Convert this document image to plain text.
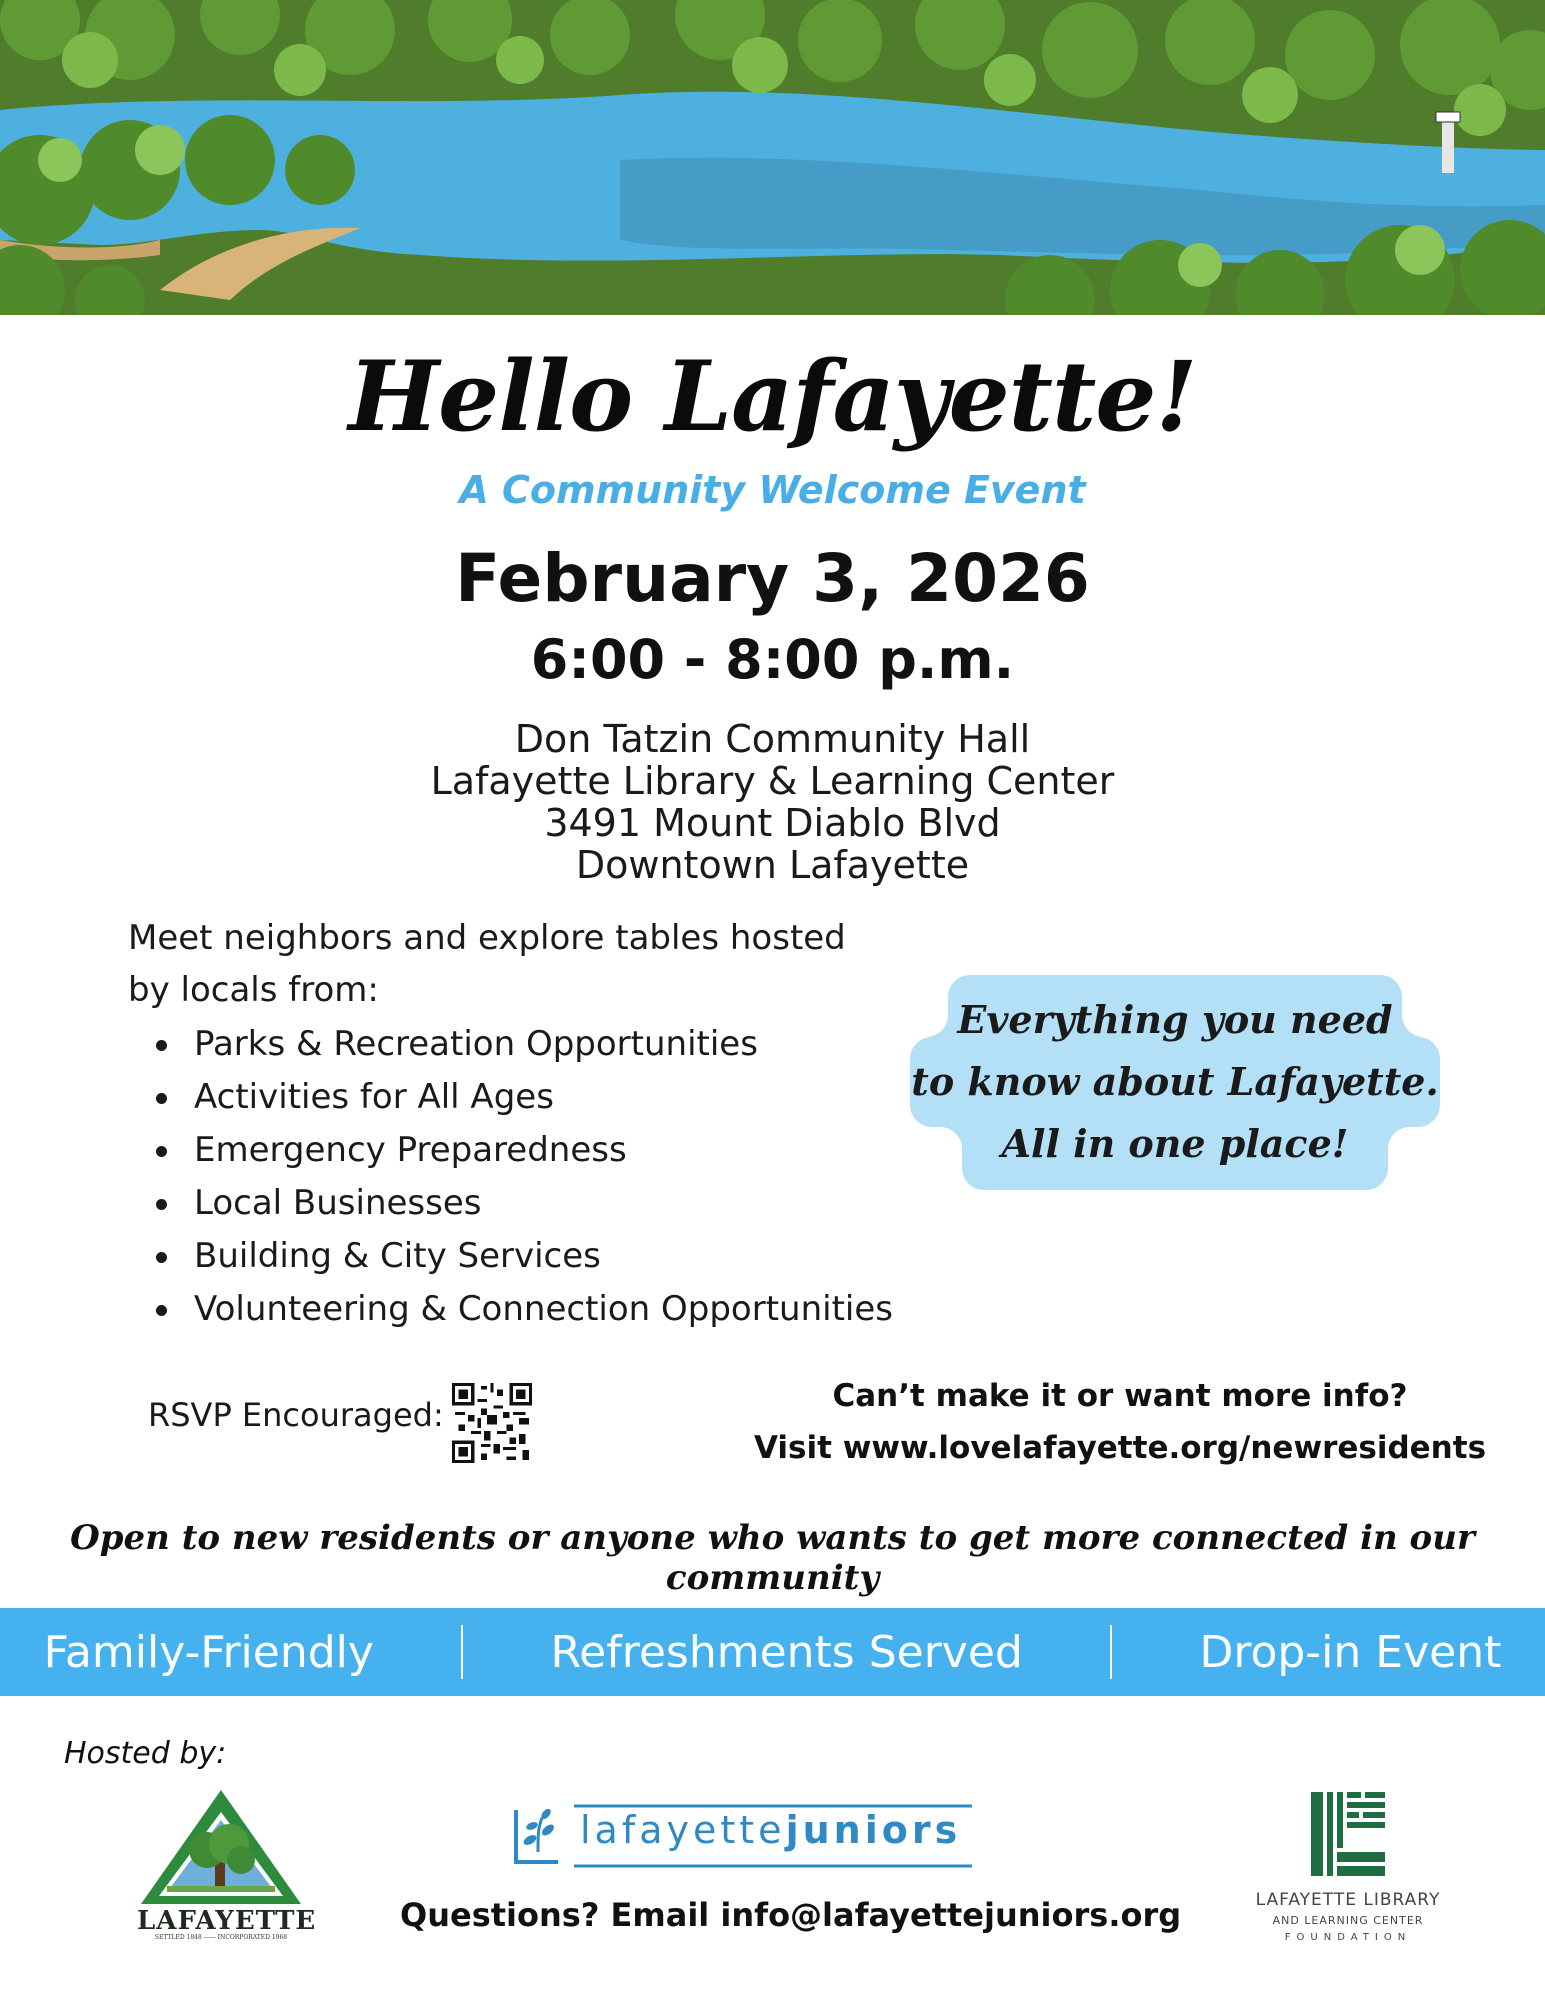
Hello Lafayette!
A Community Welcome Event
February 3, 2026
6:00 - 8:00 p.m.
Don Tatzin Community Hall
Lafayette Library & Learning Center
3491 Mount Diablo Blvd
Downtown Lafayette
Meet neighbors and explore tables hosted
by locals from:
Parks & Recreation Opportunities
Activities for All Ages
Emergency Preparedness
Local Businesses
Building & City Services
Volunteering & Connection Opportunities
Everything you need
to know about Lafayette.
All in one place!
RSVP Encouraged:	Can’t make it or want more info?
Visit www.lovelafayette.org/newresidents
Open to new residents or anyone who wants to get more connected in our community
Family-Friendly	Refreshments Served	Drop-in Event
Hosted by:
LAFAYETTE
SETTLED 1848 —— INCORPORATED 1968
lafayettejuniors
Questions? Email info@lafayettejuniors.org	LAFAYETTE LIBRARY
AND LEARNING CENTER
FOUNDATION
